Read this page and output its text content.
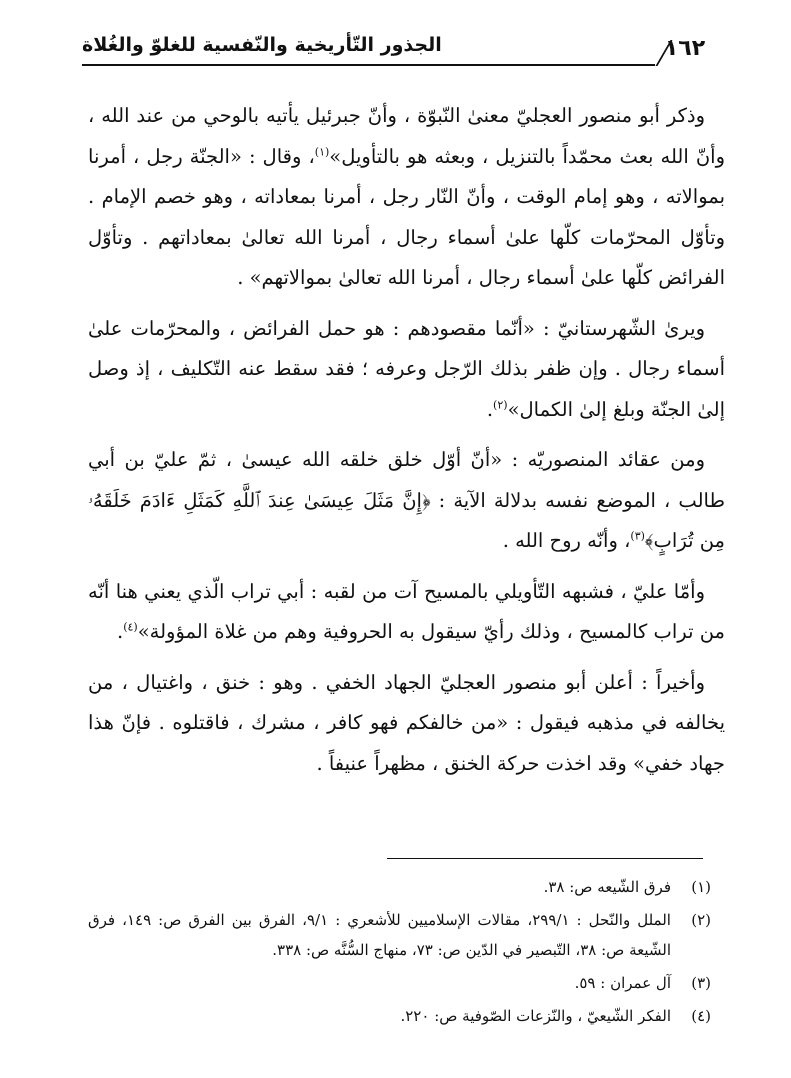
١٦٢
الجذور التّأريخية والنّفسية للغلوّ والغُلاة

وذكر أبو منصور العجليّ معنىٰ النّبوّة ، وأنّ جبرئيل يأتيه بالوحي من عند الله ، وأنّ الله بعث محمّداً بالتنزيل ، وبعثه هو بالتأويل»$^{(١)}$، وقال : «الجنّة رجل ، أمرنا بموالاته ، وهو إمام الوقت ، وأنّ النّار رجل ، أمرنا بمعاداته ، وهو خصم الإمام . وتأوّل المحرّمات كلّها علىٰ أسماء رجال ، أمرنا الله تعالىٰ بمعاداتهم . وتأوّل الفرائض كلّها علىٰ أسماء رجال ، أمرنا الله تعالىٰ بموالاتهم» .

ويرىٰ الشّهرستانيّ : «أنّما مقصودهم : هو حمل الفرائض ، والمحرّمات علىٰ أسماء رجال . وإن ظفر بذلك الرّجل وعرفه ؛ فقد سقط عنه التّكليف ، إذ وصل إلىٰ الجنّة وبلغ إلىٰ الكمال»$^{(٢)}$.

ومن عقائد المنصوريّه : «أنّ أوّل خلق خلقه الله عيسىٰ ، ثمّ عليّ بن أبي طالب ، الموضع نفسه بدلالة الآية : ﴿إِنَّ مَثَلَ عِيسَىٰ عِندَ ٱللَّهِ كَمَثَلِ ءَادَمَ خَلَقَهُۥ مِن تُرَابٍ﴾$^{(٣)}$، وأنّه روح الله .

وأمّا عليّ ، فشبهه التّأويلي بالمسيح آت من لقبه : أبي تراب الّذي يعني هنا أنّه من تراب كالمسيح ، وذلك رأيّ سيقول به الحروفية وهم من غلاة المؤولة»$^{(٤)}$.

وأخيراً : أعلن أبو منصور العجليّ الجهاد الخفي . وهو : خنق ، واغتيال ، من يخالفه في مذهبه فيقول : «من خالفكم فهو كافر ، مشرك ، فاقتلوه . فإنّ هذا جهاد خفي» وقد اخذت حركة الخنق ، مظهراً عنيفاً .

(١)
فرق الشّيعه ص: ٣٨.
(٢)
الملل والنّحل : ٢٩٩/١، مقالات الإسلاميين للأشعري : ٩/١، الفرق بين الفرق ص: ١٤٩، فرق الشّيعة ص: ٣٨، التّبصير في الدّين ص: ٧٣، منهاج السُّنَّه ص: ٣٣٨.
(٣)
آل عمران : ٥٩.
(٤)
الفكر الشّيعيّ ، والنّزعات الصّوفية ص: ٢٢٠.
